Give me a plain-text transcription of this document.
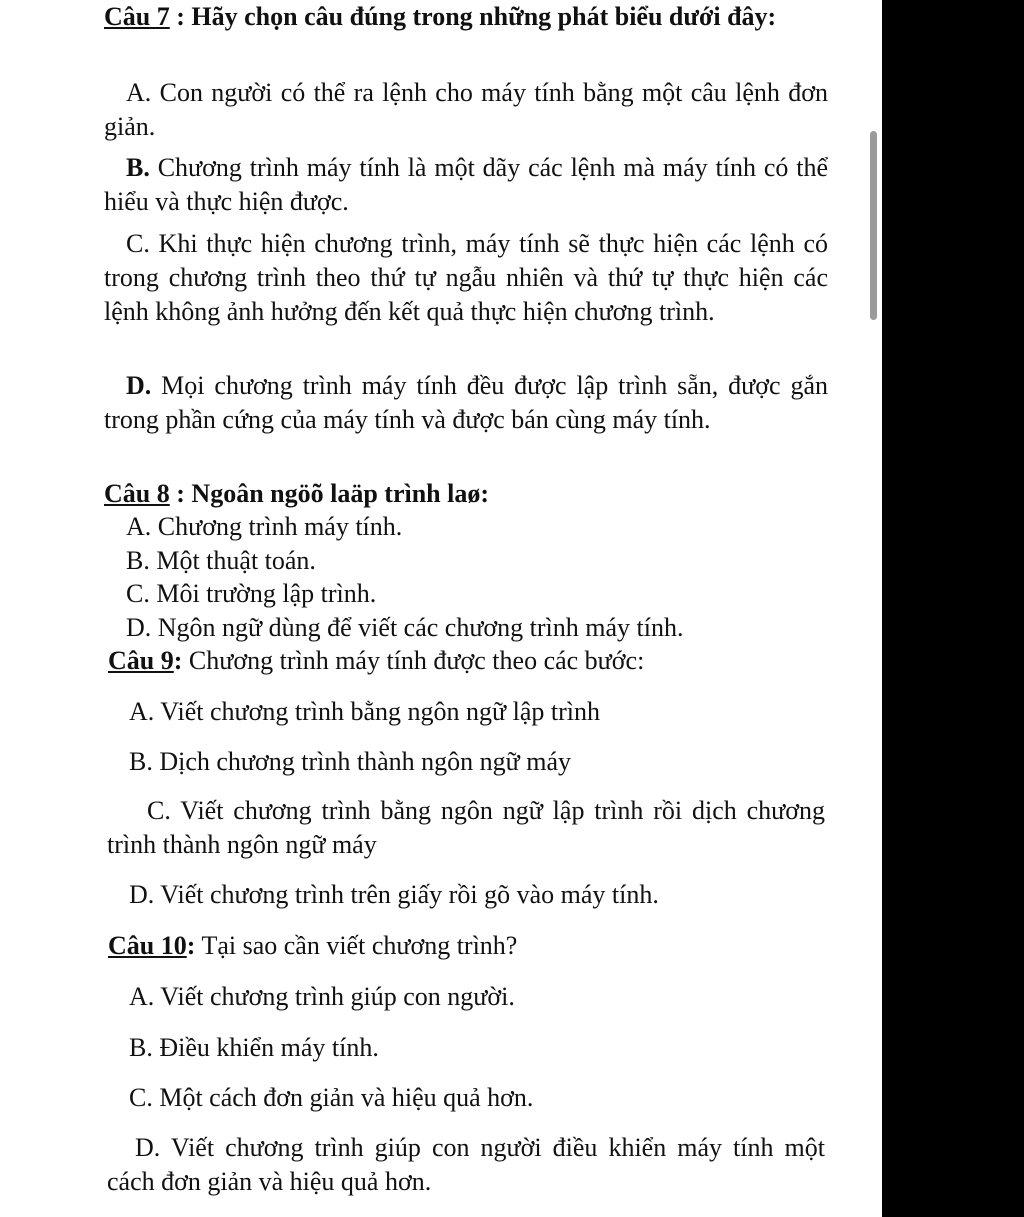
Câu 7 : Hãy chọn câu đúng trong những phát biểu dưới đây:

A. Con người có thể ra lệnh cho máy tính bằng một câu lệnh đơn giản.

B. Chương trình máy tính là một dãy các lệnh mà máy tính có thể hiểu và thực hiện được.

C. Khi thực hiện chương trình, máy tính sẽ thực hiện các lệnh có trong chương trình theo thứ tự ngẫu nhiên và thứ tự thực hiện các lệnh không ảnh hưởng đến kết quả thực hiện chương trình.

D. Mọi chương trình máy tính đều được lập trình sẵn, được gắn trong phần cứng của máy tính và được bán cùng máy tính.

Câu 8 : Ngoân ngöõ laäp trình laø:
A. Chương trình máy tính.
B. Một thuật toán.
C. Môi trường lập trình.
D. Ngôn ngữ dùng để viết các chương trình máy tính.
Câu 9: Chương trình máy tính được theo các bước:
A. Viết chương trình bằng ngôn ngữ lập trình
B. Dịch chương trình thành ngôn ngữ máy

C. Viết chương trình bằng ngôn ngữ lập trình rồi dịch chương trình thành ngôn ngữ máy

D. Viết chương trình trên giấy rồi gõ vào máy tính.
Câu 10: Tại sao cần viết chương trình?
A. Viết chương trình giúp con người.
B. Điều khiển máy tính.
C. Một cách đơn giản và hiệu quả hơn.

D. Viết chương trình giúp con người điều khiển máy tính một cách đơn giản và hiệu quả hơn.
